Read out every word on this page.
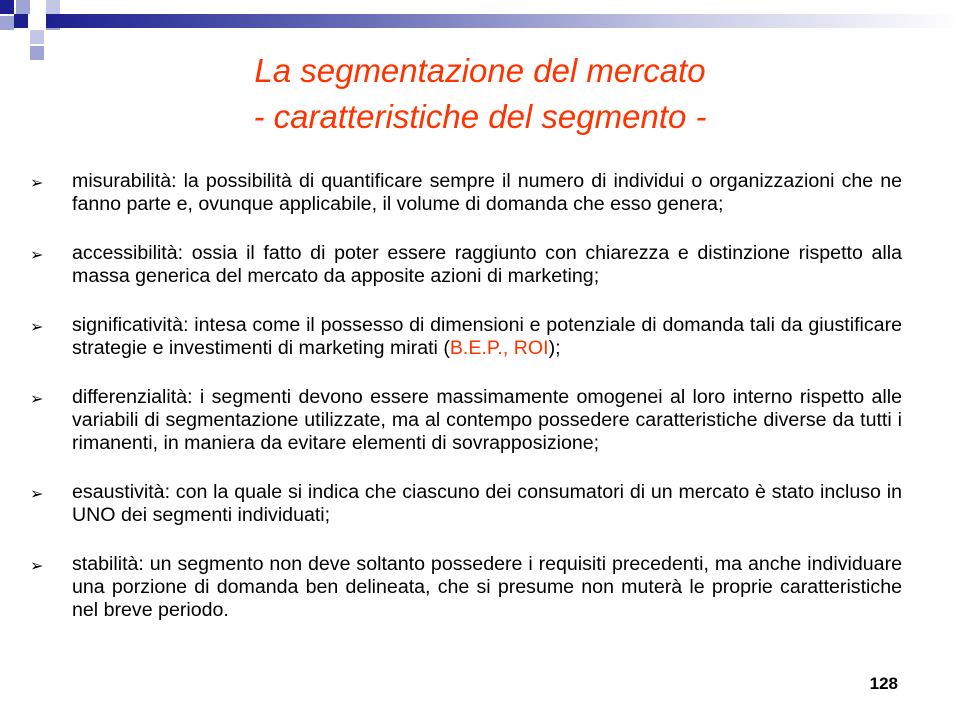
La segmentazione del mercato
- caratteristiche del segmento -
➢ misurabilità: la possibilità di quantificare sempre il numero di individui o organizzazioni che ne fanno parte e, ovunque applicabile, il volume di domanda che esso genera;
➢ accessibilità: ossia il fatto di poter essere raggiunto con chiarezza e distinzione rispetto alla massa generica del mercato da apposite azioni di marketing;
➢ significatività: intesa come il possesso di dimensioni e potenziale di domanda tali da giustificare strategie e investimenti di marketing mirati (B.E.P., ROI);
➢ differenzialità: i segmenti devono essere massimamente omogenei al loro interno rispetto alle variabili di segmentazione utilizzate, ma al contempo possedere caratteristiche diverse da tutti i rimanenti, in maniera da evitare elementi di sovrapposizione;
➢ esaustività: con la quale si indica che ciascuno dei consumatori di un mercato è stato incluso in UNO dei segmenti individuati;
➢ stabilità: un segmento non deve soltanto possedere i requisiti precedenti, ma anche individuare una porzione di domanda ben delineata, che si presume non muterà le proprie caratteristiche nel breve periodo.
128
